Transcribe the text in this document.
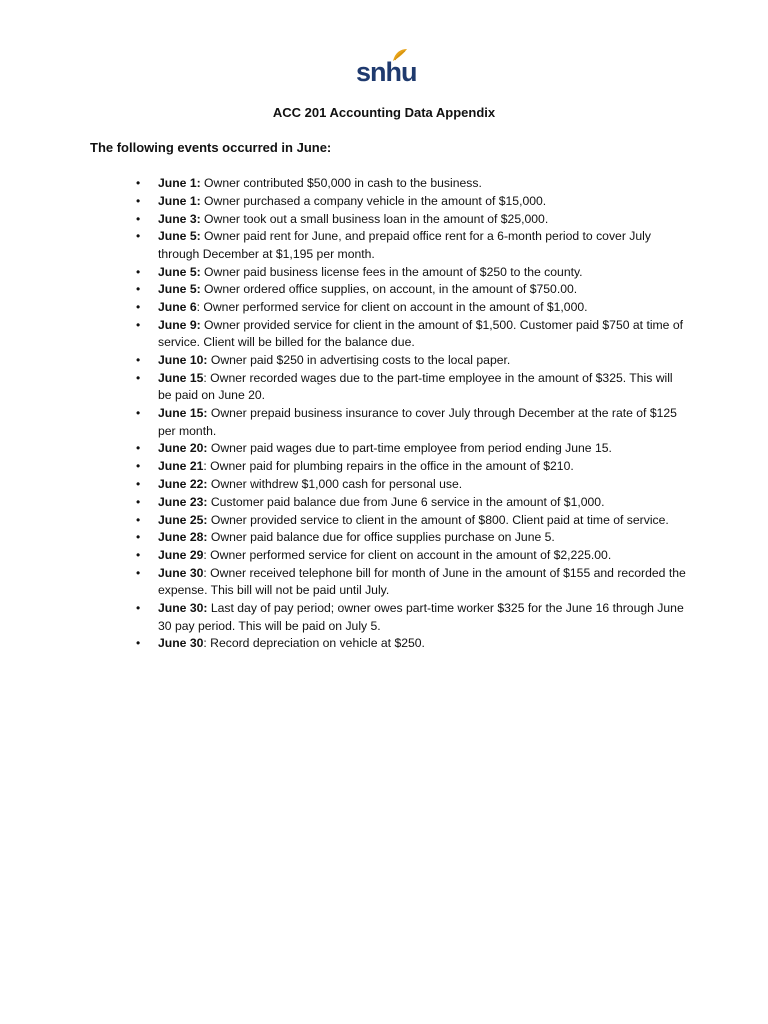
snhu
ACC 201 Accounting Data Appendix
The following events occurred in June:
• June 1: Owner contributed $50,000 in cash to the business.
• June 1: Owner purchased a company vehicle in the amount of $15,000.
• June 3: Owner took out a small business loan in the amount of $25,000.
• June 5: Owner paid rent for June, and prepaid office rent for a 6-month period to cover July through December at $1,195 per month.
• June 5: Owner paid business license fees in the amount of $250 to the county.
• June 5: Owner ordered office supplies, on account, in the amount of $750.00.
• June 6: Owner performed service for client on account in the amount of $1,000.
• June 9: Owner provided service for client in the amount of $1,500. Customer paid $750 at time of service. Client will be billed for the balance due.
• June 10: Owner paid $250 in advertising costs to the local paper.
• June 15: Owner recorded wages due to the part-time employee in the amount of $325. This will be paid on June 20.
• June 15: Owner prepaid business insurance to cover July through December at the rate of $125 per month.
• June 20: Owner paid wages due to part-time employee from period ending June 15.
• June 21: Owner paid for plumbing repairs in the office in the amount of $210.
• June 22: Owner withdrew $1,000 cash for personal use.
• June 23: Customer paid balance due from June 6 service in the amount of $1,000.
• June 25: Owner provided service to client in the amount of $800. Client paid at time of service.
• June 28: Owner paid balance due for office supplies purchase on June 5.
• June 29: Owner performed service for client on account in the amount of $2,225.00.
• June 30: Owner received telephone bill for month of June in the amount of $155 and recorded the expense. This bill will not be paid until July.
• June 30: Last day of pay period; owner owes part-time worker $325 for the June 16 through June 30 pay period. This will be paid on July 5.
• June 30: Record depreciation on vehicle at $250.
